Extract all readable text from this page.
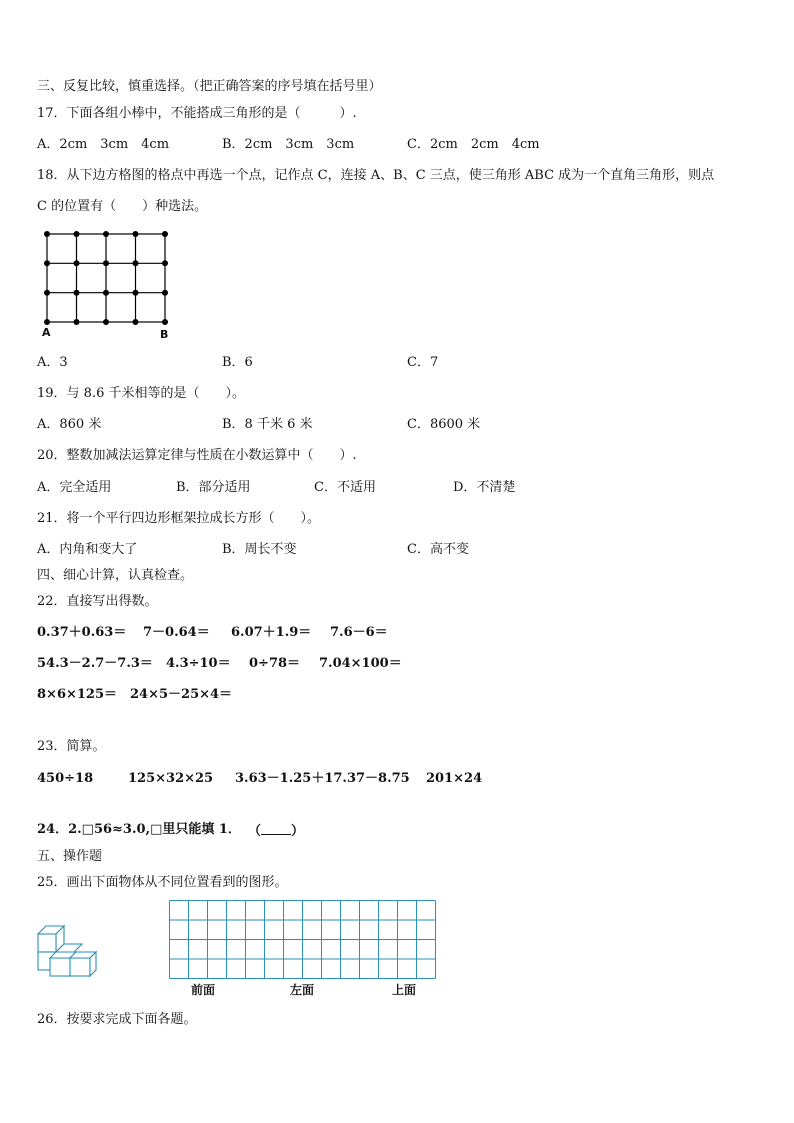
三、反复比较，慎重选择。（把正确答案的序号填在括号里）
17．下面各组小棒中，不能搭成三角形的是（　　　）.
A．2cm　3cm　4cm	B．2cm　3cm　3cm	C．2cm　2cm　4cm
18．从下边方格图的格点中再选一个点，记作点 C，连接 A、B、C 三点，使三角形 ABC 成为一个直角三角形，则点
C 的位置有（　　）种选法。
A	B
A．3	B．6	C．7
19．与 8.6 千米相等的是（　　）。
A．860 米	B．8 千米 6 米	C．8600 米
20．整数加减法运算定律与性质在小数运算中（　　）.
A．完全适用	B．部分适用	C．不适用	D．不清楚
21．将一个平行四边形框架拉成长方形（　　）。
A．内角和变大了	B．周长不变	C．高不变
四、细心计算，认真检查。
22．直接写出得数。
0.37＋0.63＝ 7－0.64＝ 6.07＋1.9＝ 7.6－6＝
54.3－2.7－7.3＝ 4.3÷10＝ 0÷78＝ 7.04×100＝
8×6×125＝ 24×5－25×4＝
23．简算。
450÷18	125×32×25 3.63－1.25＋17.37－8.75 201×24
24．2.□56≈3.0,□里只能填 1． （ ）
五、操作题
25．画出下面物体从不同位置看到的图形。
前面	左面	上面
26．按要求完成下面各题。
